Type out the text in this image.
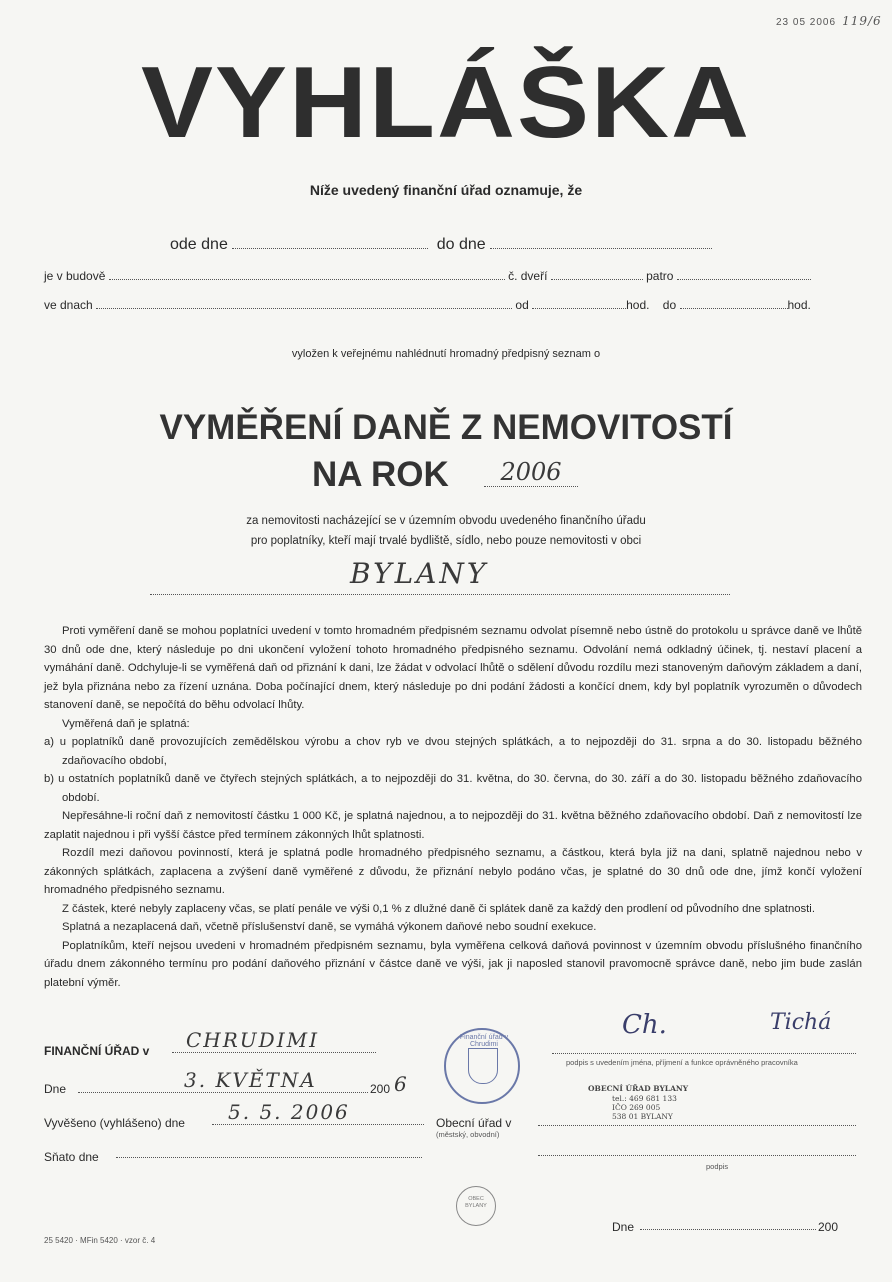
23 05 2006 119/6
VYHLÁŠKA
Níže uvedený finanční úřad oznamuje, že
ode dne	do dne
je v budově	č. dveří	patro
ve dnach	od	hod. do	hod.
vyložen k veřejnému nahlédnutí hromadný předpisný seznam o
VYMĚŘENÍ DANĚ Z NEMOVITOSTÍ
NA ROK	2006
za nemovitosti nacházející se v územním obvodu uvedeného finančního úřadu
pro poplatníky, kteří mají trvalé bydliště, sídlo, nebo pouze nemovitosti v obci
BYLANY

Proti vyměření daně se mohou poplatníci uvedení v tomto hromadném předpisném seznamu odvolat písemně nebo ústně do protokolu u správce daně ve lhůtě 30 dnů ode dne, který následuje po dni ukončení vyložení tohoto hromadného předpisného seznamu. Odvolání nemá odkladný účinek, tj. nestaví placení a vymáhání daně. Odchyluje-li se vyměřená daň od přiznání k dani, lze žádat v odvolací lhůtě o sdělení důvodu rozdílu mezi stanoveným daňovým základem a daní, jež byla přiznána nebo za řízení uznána. Doba počínající dnem, který následuje po dni podání žádosti a končící dnem, kdy byl poplatník vyrozuměn o důvodech stanovení daně, se nepočítá do běhu odvolací lhůty.

Vyměřená daň je splatná:

a) u poplatníků daně provozujících zemědělskou výrobu a chov ryb ve dvou stejných splátkách, a to nejpozději do 31. srpna a do 30. listopadu běžného zdaňovacího období,

b) u ostatních poplatníků daně ve čtyřech stejných splátkách, a to nejpozději do 31. května, do 30. června, do 30. září a do 30. listopadu běžného zdaňovacího období.

Nepřesáhne-li roční daň z nemovitostí částku 1 000 Kč, je splatná najednou, a to nejpozději do 31. května běžného zdaňovacího období. Daň z nemovitostí lze zaplatit najednou i při vyšší částce před termínem zákonných lhůt splatnosti.

Rozdíl mezi daňovou povinností, která je splatná podle hromadného předpisného seznamu, a částkou, která byla již na dani, splatně najednou nebo v zákonných splátkách, zaplacena a zvýšení daně vyměřené z důvodu, že přiznání nebylo podáno včas, je splatné do 30 dnů ode dne, jímž končí vyložení hromadného předpisného seznamu.

Z částek, které nebyly zaplaceny včas, se platí penále ve výši 0,1 % z dlužné daně či splátek daně za každý den prodlení od původního dne splatnosti.

Splatná a nezaplacená daň, včetně příslušenství daně, se vymáhá výkonem daňové nebo soudní exekuce.

Poplatníkům, kteří nejsou uvedeni v hromadném předpisném seznamu, byla vyměřena celková daňová povinnost v územním obvodu příslušného finančního úřadu dnem zákonného termínu pro podání daňového přiznání v částce daně ve výši, jak ji naposled stanovil pravomocně správce daně, nebo jim bude zaslán platební výměr.

FINANČNÍ ÚŘAD v	CHRUDIMI
Dne	3. KVĚTNA	200 6
Vyvěšeno (vyhlášeno) dne	5. 5. 2006	Obecní úřad v
(městský, obvodní)
Sňato dne
podpis
Finanční úřad v Chrudimi
Ch.	Tichá
podpis s uvedením jména, příjmení a funkce oprávněného pracovníka
OBECNÍ ÚŘAD BYLANY
tel.: 469 681 133
IČO 269 005
538 01 BYLANY
OBEC BYLANY
Dne	200
25 5420 · MFin 5420 · vzor č. 4
